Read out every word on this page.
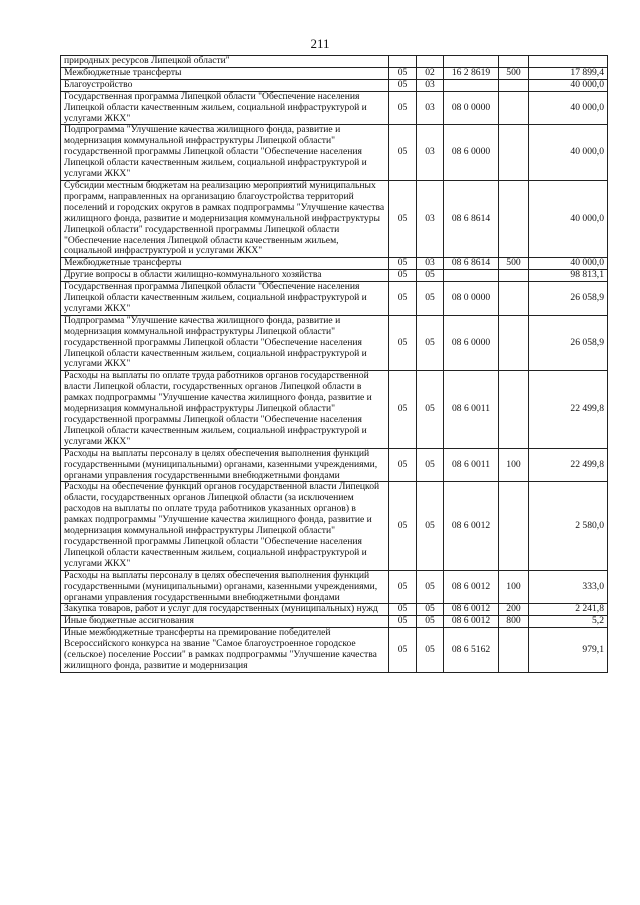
211
природных ресурсов Липецкой области"					
Межбюджетные трансферты	05	02	16 2 8619	500	17 899,4
Благоустройство	05	03			40 000,0
Государственная программа Липецкой области "Обеспечение населения Липецкой области качественным жильем, социальной инфраструктурой и услугами ЖКХ"	05	03	08 0 0000		40 000,0
Подпрограмма "Улучшение качества жилищного фонда, развитие и модернизация коммунальной инфраструктуры Липецкой области" государственной программы Липецкой области "Обеспечение населения Липецкой области качественным жильем, социальной инфраструктурой и услугами ЖКХ"	05	03	08 6 0000		40 000,0
Субсидии местным бюджетам на реализацию мероприятий муниципальных программ, направленных на организацию благоустройства территорий поселений и городских округов в рамках подпрограммы "Улучшение качества жилищного фонда, развитие и модернизация коммунальной инфраструктуры Липецкой области" государственной программы Липецкой области "Обеспечение населения Липецкой области качественным жильем, социальной инфраструктурой и услугами ЖКХ"	05	03	08 6 8614		40 000,0
Межбюджетные трансферты	05	03	08 6 8614	500	40 000,0
Другие вопросы в области жилищно-коммунального хозяйства	05	05			98 813,1
Государственная программа Липецкой области "Обеспечение населения Липецкой области качественным жильем, социальной инфраструктурой и услугами ЖКХ"	05	05	08 0 0000		26 058,9
Подпрограмма "Улучшение качества жилищного фонда, развитие и модернизация коммунальной инфраструктуры Липецкой области" государственной программы Липецкой области "Обеспечение населения Липецкой области качественным жильем, социальной инфраструктурой и услугами ЖКХ"	05	05	08 6 0000		26 058,9
Расходы на выплаты по оплате труда работников органов государственной власти Липецкой области, государственных органов Липецкой области в рамках подпрограммы "Улучшение качества жилищного фонда, развитие и модернизация коммунальной инфраструктуры Липецкой области" государственной программы Липецкой области "Обеспечение населения Липецкой области качественным жильем, социальной инфраструктурой и услугами ЖКХ"	05	05	08 6 0011		22 499,8
Расходы на выплаты персоналу в целях обеспечения выполнения функций государственными (муниципальными) органами, казенными учреждениями, органами управления государственными внебюджетными фондами	05	05	08 6 0011	100	22 499,8
Расходы на обеспечение функций органов государственной власти Липецкой области, государственных органов Липецкой области (за исключением расходов на выплаты по оплате труда работников указанных органов) в рамках подпрограммы "Улучшение качества жилищного фонда, развитие и модернизация коммунальной инфраструктуры Липецкой области" государственной программы Липецкой области "Обеспечение населения Липецкой области качественным жильем, социальной инфраструктурой и услугами ЖКХ"	05	05	08 6 0012		2 580,0
Расходы на выплаты персоналу в целях обеспечения выполнения функций государственными (муниципальными) органами, казенными учреждениями, органами управления государственными внебюджетными фондами	05	05	08 6 0012	100	333,0
Закупка товаров, работ и услуг для государственных (муниципальных) нужд	05	05	08 6 0012	200	2 241,8
Иные бюджетные ассигнования	05	05	08 6 0012	800	5,2
Иные межбюджетные трансферты на премирование победителей Всероссийского конкурса на звание "Самое благоустроенное городское (сельское) поселение России" в рамках подпрограммы "Улучшение качества жилищного фонда, развитие и модернизация	05	05	08 6 5162		979,1
